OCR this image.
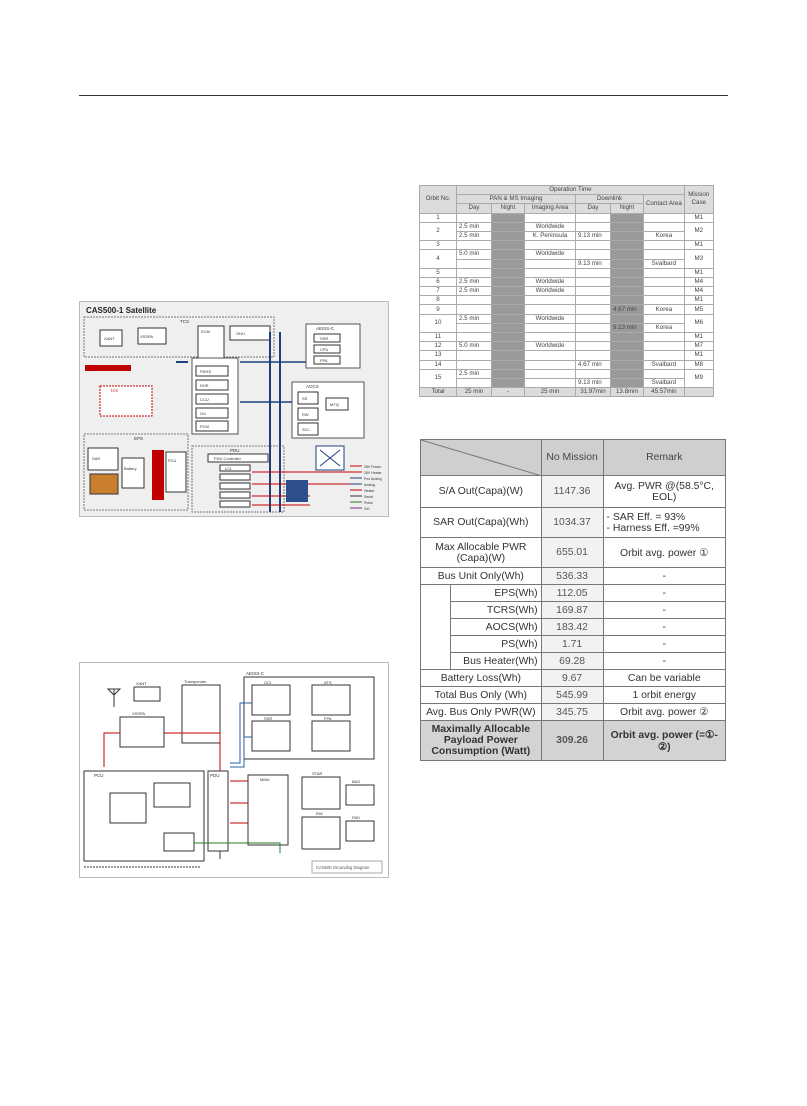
CAS500-1 Satellite
TCS
XANT	XSSPA
ECM	OHU
PDHS
DHS
CCU
GU
PCM
AEISS-C
SSR
CPU
FPA
AOCS
SS
RW
SCL
MTQ
TCS
EPS
SAR
Battery
PCU
PDU
PDU Controller
LCL	28V Power
28V Heater
Pwr Analog
Analog
Heater
Serial
Pulse
Ctrl
XANT
XSSPA
Transponder
AEISS-C
OCI	ATS
SSR	FPA
PCU	PDU
MMU
STAR
RW
BAS
PAD
CAS500 Grounding Diagram
Orbit No.	Operation Time						Mission Case
	PAN & MS Imaging			Downlink		Contact Area	
	Day	Night	Imaging Area	Day	Night		
1							M1
2	2.5 min		Worldwide				M2
	2.5 min		K. Peninsula	9.13 min		Korea	
3							M1
4	5.0 min		Worldwide				M3
				9.13 min		Svalbard	
5							M1
6	2.5 min		Worldwide				M4
7	2.5 min		Worldwide				M4
8							M1
9					4.67 min	Korea	M5
10	2.5 min		Worldwide				M6
					9.13 min	Korea	
11							M1
12	5.0 min		Worldwide				M7
13							M1
14				4.67 min		Svalbard	M8
15	2.5 min						M9
				9.13 min		Svalbard	
Total	25 min	-	25 min	31.97min	13.8min	45.57min	
	No Mission	Remark
S/A Out(Capa)(W)		1147.36	Avg. PWR @(58.5°C, EOL)
SAR Out(Capa)(Wh)		1034.37	- SAR Eff. = 93%
- Harness Eff. =99%
Max Allocable PWR (Capa)(W)		655.01	Orbit avg. power ①
Bus Unit Only(Wh)		536.33	-
	EPS(Wh)	112.05	-
	TCRS(Wh)	169.87	-
	AOCS(Wh)	183.42	-
	PS(Wh)	1.71	-
	Bus Heater(Wh)	69.28	-
Battery Loss(Wh)		9.67	Can be variable
Total Bus Only (Wh)		545.99	1 orbit energy
Avg. Bus Only PWR(W)		345.75	Orbit avg. power ②
Maximally Allocable Payload Power Consumption (Watt)		309.26	Orbit avg. power (=①-②)
